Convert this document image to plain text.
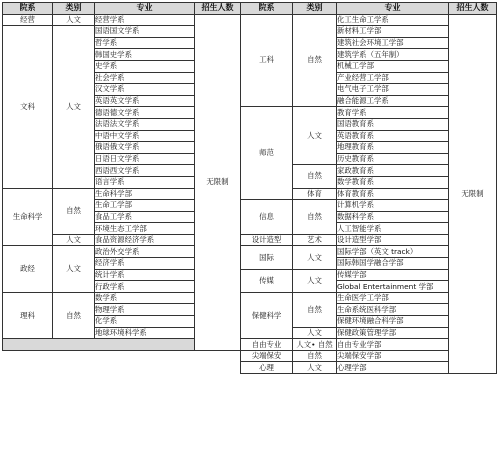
院系	类别	专业	招生人数
经营	人文	经营学系	无限制
文科	人文	国语国文学系	
		哲学系	
		韩国史学系	
		史学系	
		社会学系	
		汉文学系	
		英语英文学系	
		德语德文学系	
		法语法文学系	
		中语中文学系	
		俄语俄文学系	
		日语日文学系	
		西语西文学系	
		语言学系	
生命科学	自然	生命科学部	
		生命工学部	
		食品工学系	
		环境生态工学部	
	人文	食品资源经济学系	
政经	人文	政治外交学系	
		经济学系	
		统计学系	
		行政学系	
理科	自然	数学系	
		物理学系	
		化学系	
		地球环境科学系	

院系	类别	专业	招生人数
工科	自然	化工生命工学系	无限制
		新材料工学部	
		建筑社会环境工学部	
		建筑学系（五年制）	
		机械工学部	
		产业经营工学部	
		电气电子工学部	
		融合能源工学系	
师范	人文	教育学系	
		国语教育系	
		英语教育系	
		地理教育系	
		历史教育系	
	自然	家政教育系	
		数学教育系	
	体育	体育教育系	
信息	自然	计算机学系	
		数据科学系	
		人工智能学系	
设计造型	艺术	设计造型学部	
国际	人文	国际学部（英文 track）	
		国际韩国学融合学部	
传媒	人文	传媒学部	
		Global Entertainment 学部	
保健科学	自然	生命医学工学部	
		生命系统医科学部	
		保健环境融合科学部	
	人文	保健政策管理学部	
自由专业	人文• 自然	自由专业学部	
尖端保安	自然	尖端保安学部	
心理	人文	心理学部	
